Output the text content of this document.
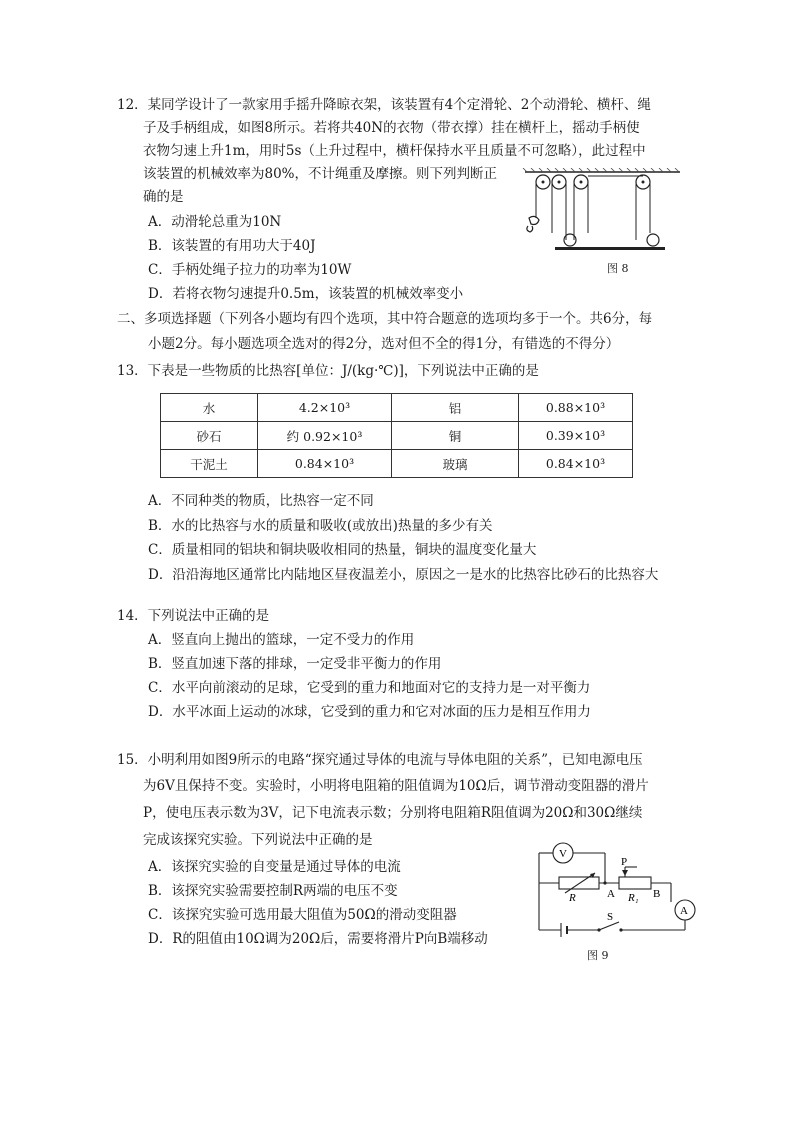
12．某同学设计了一款家用手摇升降晾衣架，该装置有4个定滑轮、2个动滑轮、横杆、绳
子及手柄组成，如图8所示。若将共40N的衣物（带衣撑）挂在横杆上，摇动手柄使
衣物匀速上升1m，用时5s（上升过程中，横杆保持水平且质量不可忽略），此过程中
该装置的机械效率为80%，不计绳重及摩擦。则下列判断正
确的是
A．动滑轮总重为10N
B．该装置的有用功大于40J
C．手柄处绳子拉力的功率为10W
D．若将衣物匀速提升0.5m，该装置的机械效率变小
图 8
二、多项选择题（下列各小题均有四个选项，其中符合题意的选项均多于一个。共6分，每
小题2分。每小题选项全选对的得2分，选对但不全的得1分，有错选的不得分）
13．下表是一些物质的比热容[单位：J/(kg·℃)]，下列说法中正确的是
水	4.2×10³	铝	0.88×10³
砂石	约 0.92×10³	铜	0.39×10³
干泥土	0.84×10³	玻璃	0.84×10³
A．不同种类的物质，比热容一定不同
B．水的比热容与水的质量和吸收(或放出)热量的多少有关
C．质量相同的铝块和铜块吸收相同的热量，铜块的温度变化量大
D．沿沿海地区通常比内陆地区昼夜温差小，原因之一是水的比热容比砂石的比热容大
14．下列说法中正确的是
A．竖直向上抛出的篮球，一定不受力的作用
B．竖直加速下落的排球，一定受非平衡力的作用
C．水平向前滚动的足球，它受到的重力和地面对它的支持力是一对平衡力
D．水平冰面上运动的冰球，它受到的重力和它对冰面的压力是相互作用力
15．小明利用如图9所示的电路“探究通过导体的电流与导体电阻的关系”，已知电源电压
为6V且保持不变。实验时，小明将电阻箱的阻值调为10Ω后，调节滑动变阻器的滑片
P，使电压表示数为3V，记下电流表示数；分别将电阻箱R阻值调为20Ω和30Ω继续
完成该探究实验。下列说法中正确的是
A．该探究实验的自变量是通过导体的电流
B．该探究实验需要控制R两端的电压不变
C．该探究实验可选用最大阻值为50Ω的滑动变阻器
D．R的阻值由10Ω调为20Ω后，需要将滑片P向B端移动
V
A
P
R	R₁
A	B
S
图 9
